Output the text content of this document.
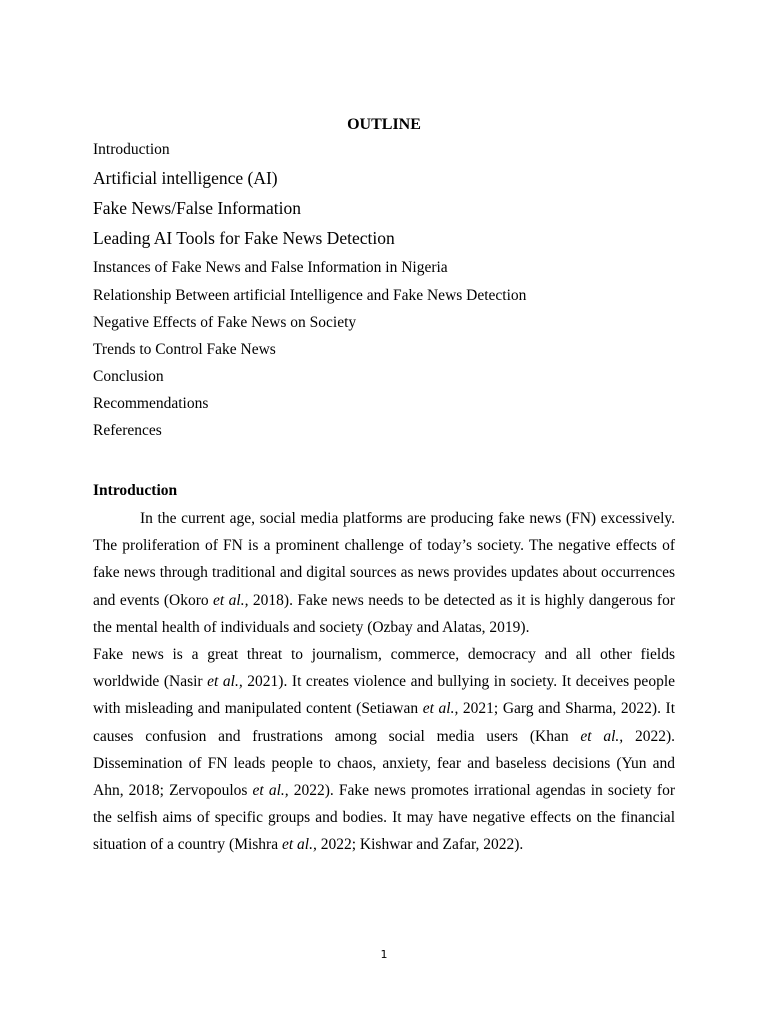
OUTLINE
Introduction
Artificial intelligence (AI)
Fake News/False Information
Leading AI Tools for Fake News Detection
Instances of Fake News and False Information in Nigeria
Relationship Between artificial Intelligence and Fake News Detection
Negative Effects of Fake News on Society
Trends to Control Fake News
Conclusion
Recommendations
References
Introduction

In the current age, social media platforms are producing fake news (FN) excessively. The proliferation of FN is a prominent challenge of today’s society. The negative effects of fake news through traditional and digital sources as news provides updates about occurrences and events (Okoro et al., 2018). Fake news needs to be detected as it is highly dangerous for the mental health of individuals and society (Ozbay and Alatas, 2019).

Fake news is a great threat to journalism, commerce, democracy and all other fields worldwide (Nasir et al., 2021). It creates violence and bullying in society. It deceives people with misleading and manipulated content (Setiawan et al., 2021; Garg and Sharma, 2022). It causes confusion and frustrations among social media users (Khan et al., 2022). Dissemination of FN leads people to chaos, anxiety, fear and baseless decisions (Yun and Ahn, 2018; Zervopoulos et al., 2022). Fake news promotes irrational agendas in society for the selfish aims of specific groups and bodies. It may have negative effects on the financial situation of a country (Mishra et al., 2022; Kishwar and Zafar, 2022).

1
